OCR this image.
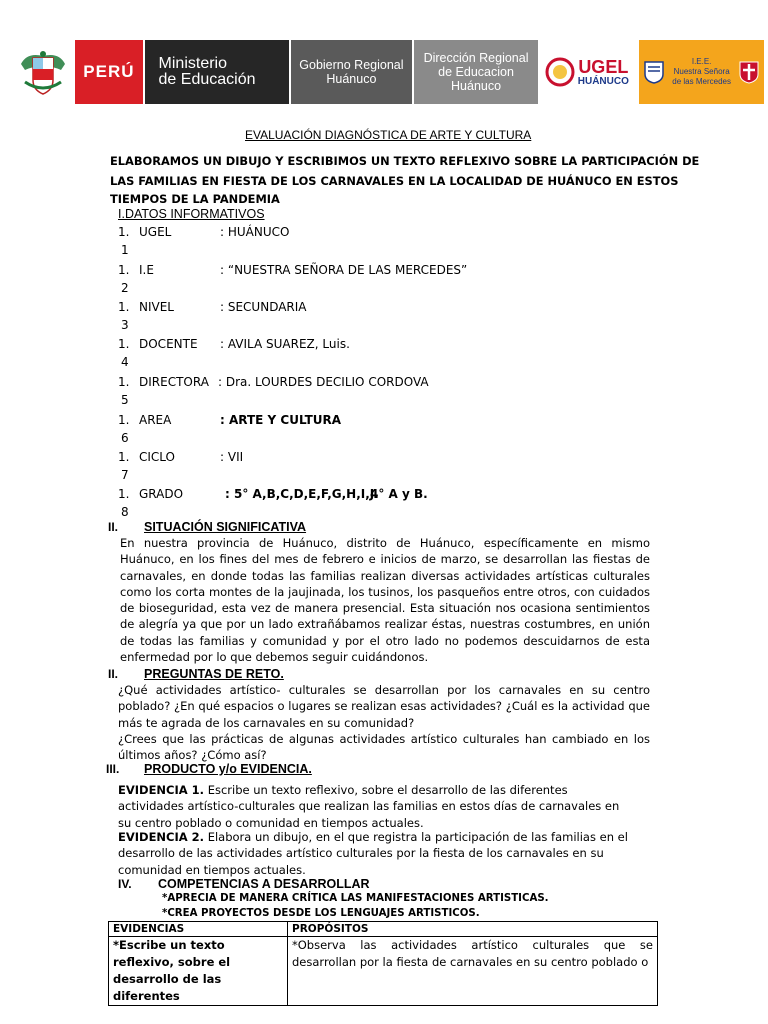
PERÚ	Ministerio
de Educación
Gobierno Regional
Huánuco
Dirección Regional
de Educacion
Huánuco
UGEL
HUÁNUCO
I.E.E.
Nuestra Señora
de las Mercedes
EVALUACIÓN DIAGNÓSTICA DE ARTE Y CULTURA
ELABORAMOS UN DIBUJO Y ESCRIBIMOS UN TEXTO REFLEXIVO SOBRE LA PARTICIPACIÓN DE
LAS FAMILIAS EN FIESTA DE LOS CARNAVALES EN LA LOCALIDAD DE HUÁNUCO EN ESTOS
TIEMPOS DE LA PANDEMIA
I.DATOS INFORMATIVOS
1.
1
UGEL	: HUÁNUCO
1.
2
I.E	: “NUESTRA SEÑORA DE LAS MERCEDES”
1.
3
NIVEL	: SECUNDARIA
1.
4
DOCENTE : AVILA SUAREZ, Luis.
1.
5
DIRECTORA : Dra. LOURDES DECILIO CORDOVA
1.
6
AREA	: ARTE Y CULTURA
1.
7
CICLO	: VII
1.
8
GRADO	: 5° A,B,C,D,E,F,G,H,I,J.
4° A y B.
II. SITUACIÓN SIGNIFICATIVA
En nuestra provincia de Huánuco, distrito de Huánuco, específicamente en mismo Huánuco, en los fines del mes de febrero e inicios de marzo, se desarrollan las fiestas de carnavales, en donde todas las familias realizan diversas actividades artísticas culturales como los corta montes de la jaujinada, los tusinos, los pasqueños entre otros, con cuidados de bioseguridad, esta vez de manera presencial. Esta situación nos ocasiona sentimientos de alegría ya que por un lado extrañábamos realizar éstas, nuestras costumbres, en unión de todas las familias y comunidad y por el otro lado no podemos descuidarnos de esta enfermedad por lo que debemos seguir cuidándonos.
II. PREGUNTAS DE RETO.
¿Qué actividades artístico- culturales se desarrollan por los carnavales en su centro poblado? ¿En qué espacios o lugares se realizan esas actividades? ¿Cuál es la actividad que más te agrada de los carnavales en su comunidad?
¿Crees que las prácticas de algunas actividades artístico culturales han cambiado en los últimos años? ¿Cómo así?
III. PRODUCTO y/o EVIDENCIA.
EVIDENCIA 1. Escribe un texto reflexivo, sobre el desarrollo de las diferentes actividades artístico-culturales que realizan las familias en estos días de carnavales en su centro poblado o comunidad en tiempos actuales.
EVIDENCIA 2. Elabora un dibujo, en el que registra la participación de las familias en el desarrollo de las actividades artístico culturales por la fiesta de los carnavales en su comunidad en tiempos actuales.
IV. COMPETENCIAS A DESARROLLAR
*APRECIA DE MANERA CRÍTICA LAS MANIFESTACIONES ARTISTICAS.
*CREA PROYECTOS DESDE LOS LENGUAJES ARTISTICOS.
EVIDENCIAS	PROPÓSITOS
*Escribe un texto reflexivo, sobre el desarrollo de las diferentes	*Observa las actividades artístico culturales que se desarrollan por la fiesta de carnavales en su centro poblado o
